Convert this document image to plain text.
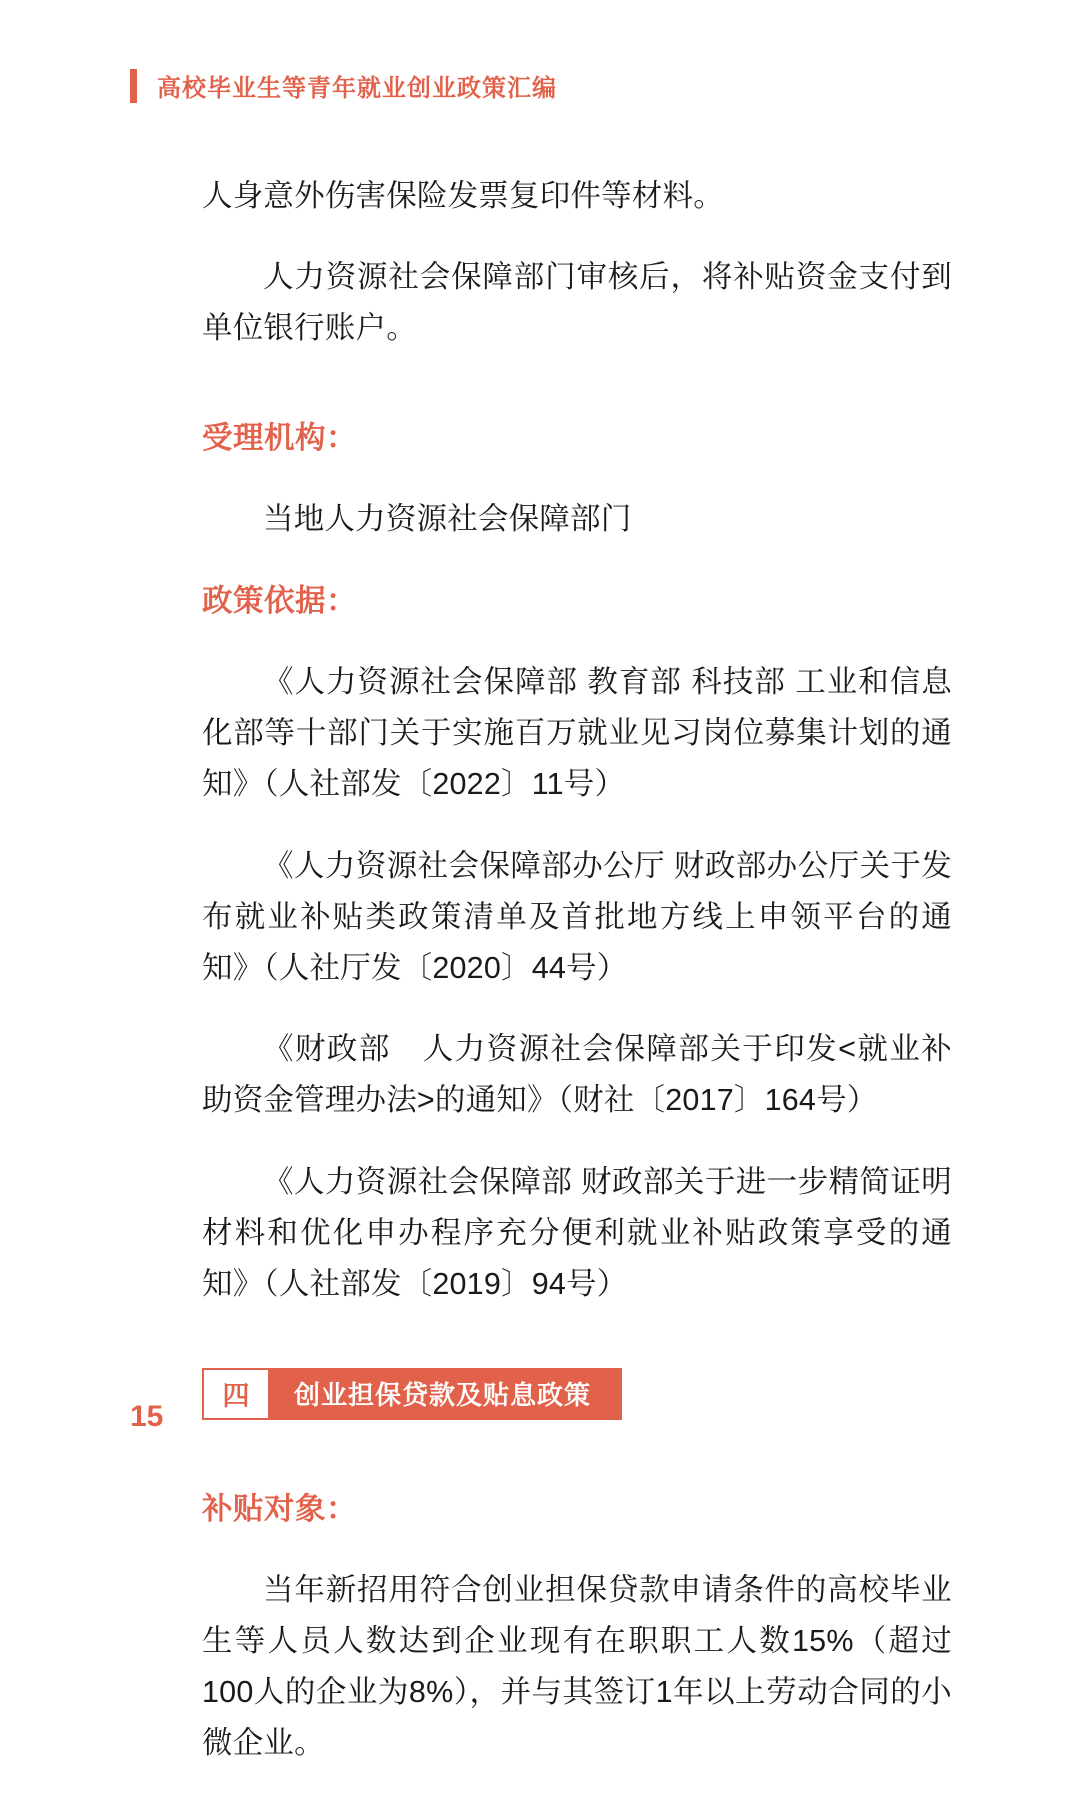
高校毕业生等青年就业创业政策汇编

人身意外伤害保险发票复印件等材料。

人力资源社会保障部门审核后，将补贴资金支付到单位银行账户。

受理机构：

当地人力资源社会保障部门

政策依据：

《人力资源社会保障部 教育部 科技部 工业和信息化部等十部门关于实施百万就业见习岗位募集计划的通知》（人社部发〔2022〕11号）

《人力资源社会保障部办公厅 财政部办公厅关于发布就业补贴类政策清单及首批地方线上申领平台的通知》（人社厅发〔2020〕44号）

《财政部　人力资源社会保障部关于印发<就业补助资金管理办法>的通知》（财社〔2017〕164号）

《人力资源社会保障部 财政部关于进一步精简证明材料和优化申办程序充分便利就业补贴政策享受的通知》（人社部发〔2019〕94号）

四	创业担保贷款及贴息政策
补贴对象：

当年新招用符合创业担保贷款申请条件的高校毕业生等人员人数达到企业现有在职职工人数15%（超过100人的企业为8%），并与其签订1年以上劳动合同的小微企业。

15
